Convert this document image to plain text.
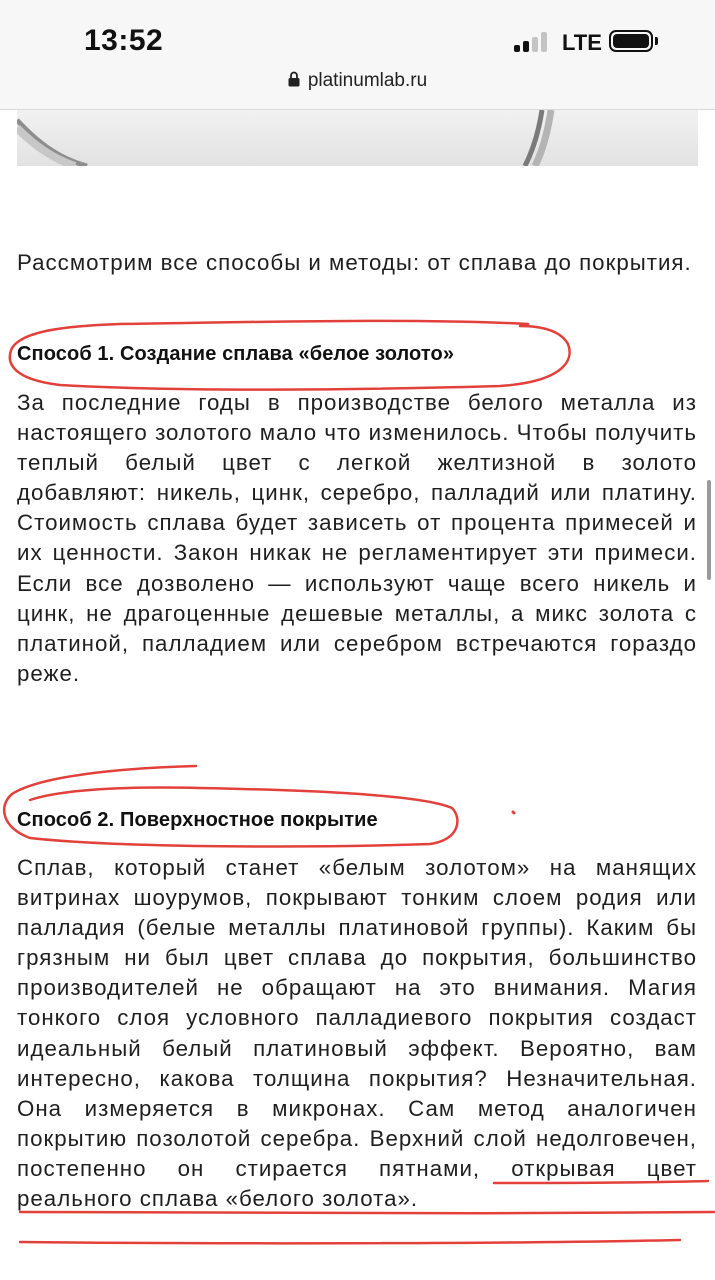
13:52	LTE
platinumlab.ru

Рассмотрим все способы и методы: от сплава до покрытия.

Способ 1. Создание сплава «белое золото»

За последние годы в производстве белого металла из настоящего золотого мало что изменилось. Чтобы получить теплый белый цвет с легкой желтизной в золото добавляют: никель, цинк, серебро, палладий или платину. Стоимость сплава будет зависеть от процента примесей и их ценности. Закон никак не регламентирует эти примеси. Если все дозволено — используют чаще всего никель и цинк, не драгоценные дешевые металлы, а микс золота с платиной, палладием или серебром встречаются гораздо реже.

Способ 2. Поверхностное покрытие

Сплав, который станет «белым золотом» на манящих витринах шоурумов, покрывают тонким слоем родия или палладия (белые металлы платиновой группы). Каким бы грязным ни был цвет сплава до покрытия, большинство производителей не обращают на это внимания. Магия тонкого слоя условного палладиевого покрытия создаст идеальный белый платиновый эффект. Вероятно, вам интересно, какова толщина покрытия? Незначительная. Она измеряется в микронах. Сам метод аналогичен покрытию позолотой серебра. Верхний слой недолговечен, постепенно он стирается пятнами, открывая цвет реального сплава «белого золота».
